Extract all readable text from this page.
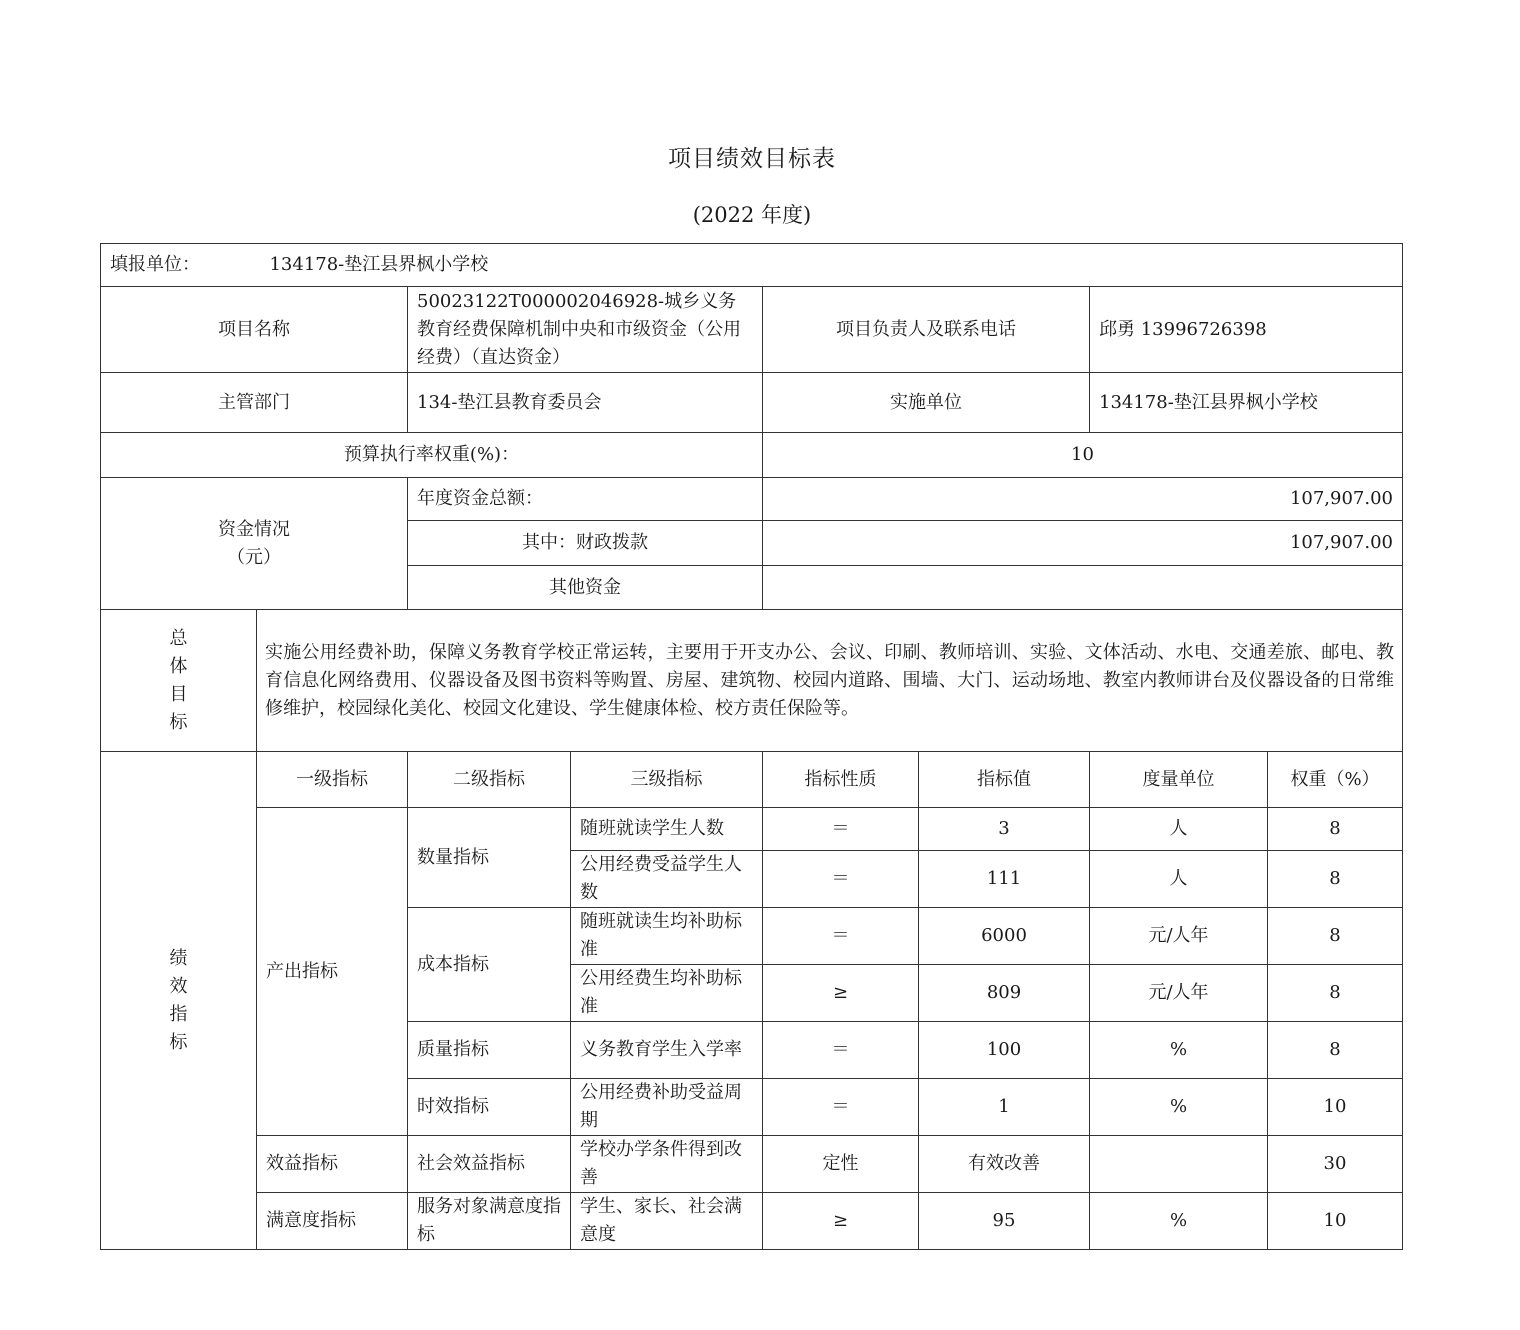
项目绩效目标表
(2022 年度)
填报单位： 134178-垫江县界枫小学校							
项目名称		50023122T000002046928-城乡义务教育经费保障机制中央和市级资金（公用经费）（直达资金）		项目负责人及联系电话		邱勇 13996726398	
主管部门		134-垫江县教育委员会		实施单位		134178-垫江县界枫小学校	
预算执行率权重(%)：				10			

资金情况
（元）		年度资金总额：		107,907.00			
		其中：财政拨款		107,907.00			
		其他资金					

总
体
目
标	实施公用经费补助，保障义务教育学校正常运转，主要用于开支办公、会议、印刷、教师培训、实验、文体活动、水电、交通差旅、邮电、教育信息化网络费用、仪器设备及图书资料等购置、房屋、建筑物、校园内道路、围墙、大门、运动场地、教室内教师讲台及仪器设备的日常维修维护，校园绿化美化、校园文化建设、学生健康体检、校方责任保险等。						

绩
效
指
标	一级指标	二级指标	三级指标	指标性质	指标值	度量单位	权重（%）
	产出指标	数量指标	随班就读学生人数	＝	3	人	8
			公用经费受益学生人数	＝	111	人	8
		成本指标	随班就读生均补助标准	＝	6000	元/人年	8
			公用经费生均补助标准	≥	809	元/人年	8
		质量指标	义务教育学生入学率	＝	100	%	8
		时效指标	公用经费补助受益周期	＝	1	%	10
	效益指标	社会效益指标	学校办学条件得到改善	定性	有效改善		30
	满意度指标	服务对象满意度指标	学生、家长、社会满意度	≥	95	%	10
